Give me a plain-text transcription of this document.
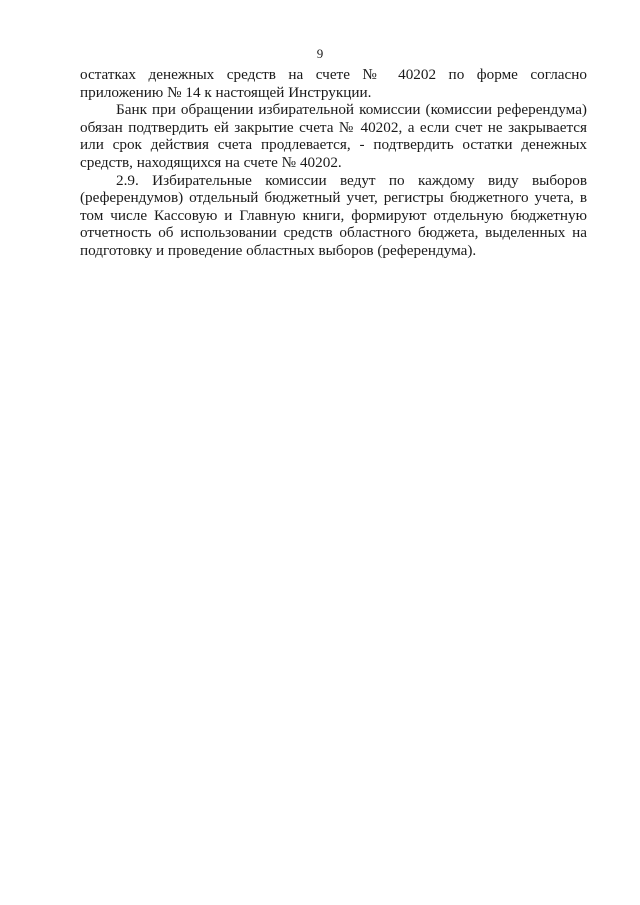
9

остатках денежных средств на счете № 40202 по форме согласно приложению № 14 к настоящей Инструкции.

Банк при обращении избирательной комиссии (комиссии референдума) обязан подтвердить ей закрытие счета № 40202, а если счет не закрывается или срок действия счета продлевается, - подтвердить остатки денежных средств, находящихся на счете № 40202.

2.9. Избирательные комиссии ведут по каждому виду выборов (референдумов) отдельный бюджетный учет, регистры бюджетного учета, в том числе Кассовую и Главную книги, формируют отдельную бюджетную отчетность об использовании средств областного бюджета, выделенных на подготовку и проведение областных выборов (референдума).
